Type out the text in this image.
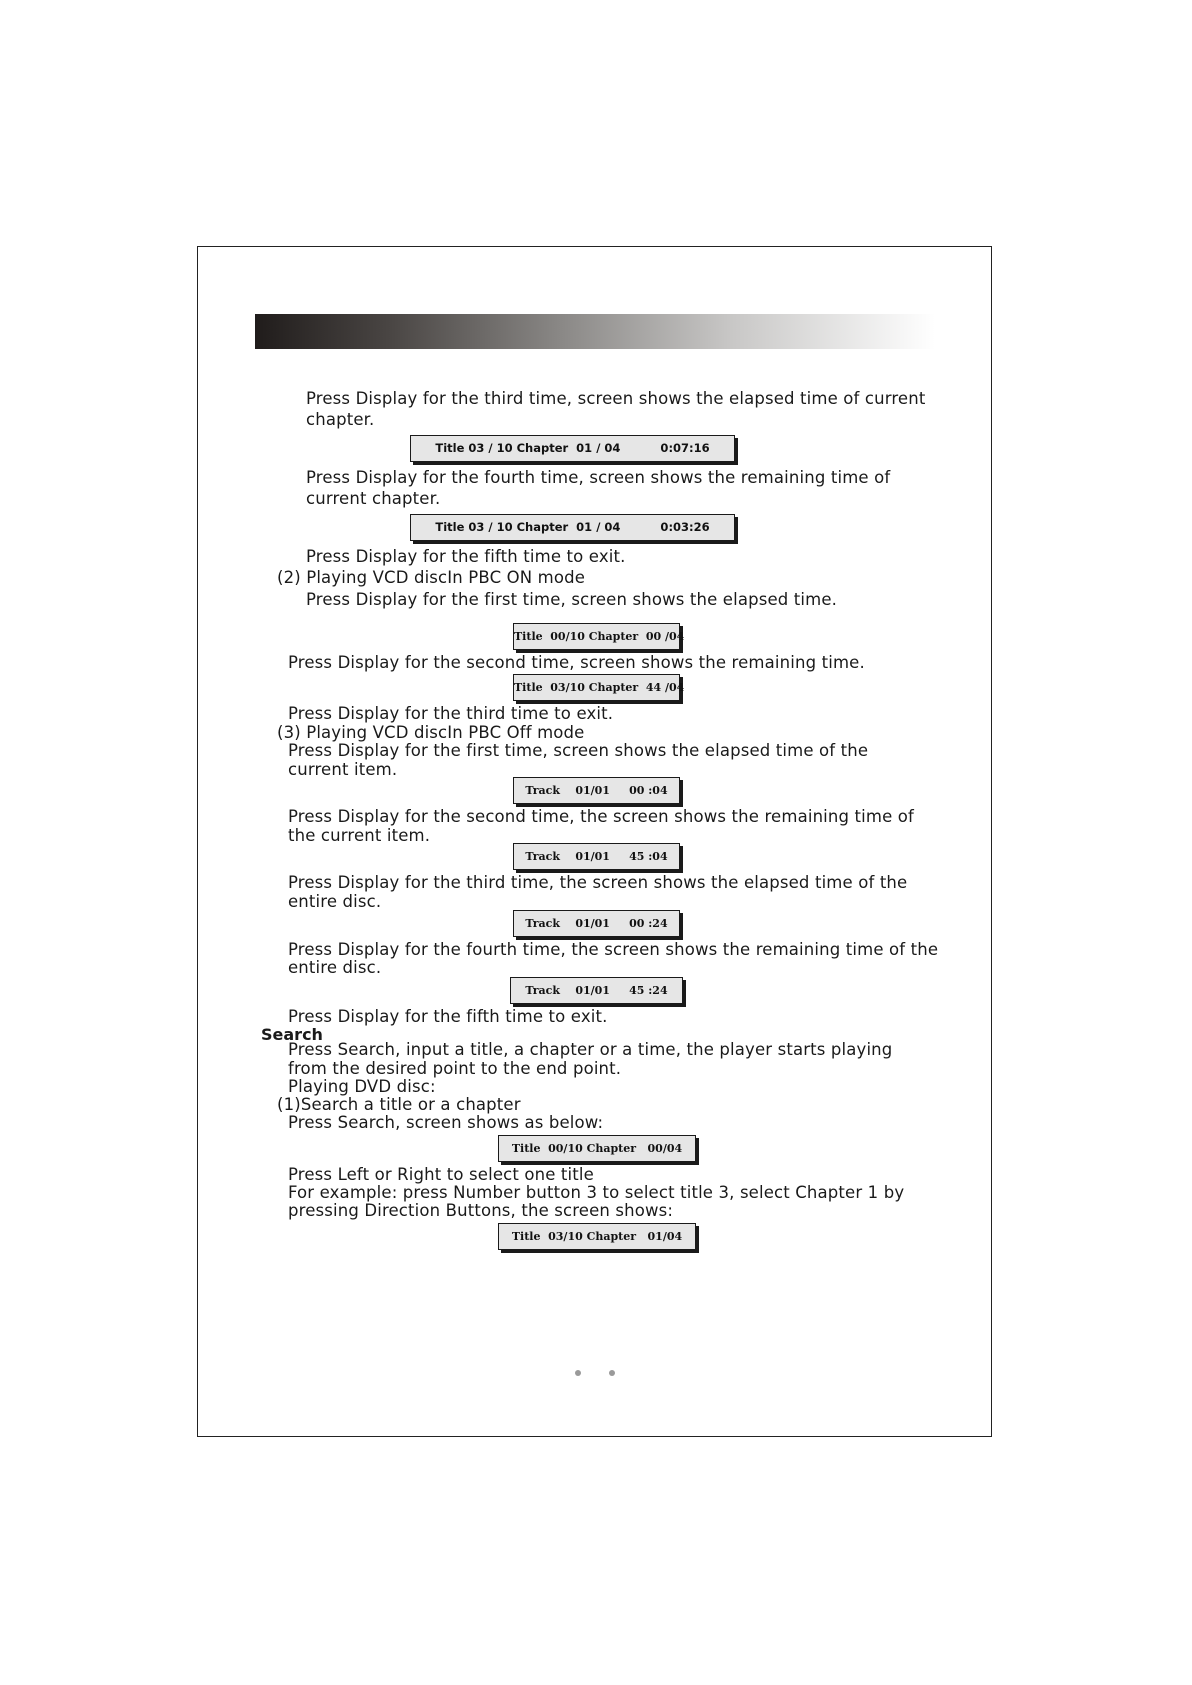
Press Display for the third time, screen shows the elapsed time of current
chapter.
Title 03 / 10 Chapter  01 / 04          0:07:16
Press Display for the fourth time, screen shows the remaining time of
current chapter.
Title 03 / 10 Chapter  01 / 04          0:03:26
Press Display for the fifth time to exit.
(2) Playing VCD discIn PBC ON mode
Press Display for the first time, screen shows the elapsed time.
Title  00/10 Chapter  00 /04
Press Display for the second time, screen shows the remaining time.
Title  03/10 Chapter  44 /04
Press Display for the third time to exit.
(3) Playing VCD discIn PBC Off mode
Press Display for the first time, screen shows the elapsed time of the
current item.
Track    01/01     00 :04
Press Display for the second time, the screen shows the remaining time of
the current item.
Track    01/01     45 :04
Press Display for the third time, the screen shows the elapsed time of the
entire disc.
Track    01/01     00 :24
Press Display for the fourth time, the screen shows the remaining time of the
entire disc.
Track    01/01     45 :24
Press Display for the fifth time to exit.
Search
Press Search, input a title, a chapter or a time, the player starts playing
from the desired point to the end point.
Playing DVD disc:
(1)Search a title or a chapter
Press Search, screen shows as below:
Title  00/10 Chapter   00/04
Press Left or Right to select one title
For example: press Number button 3 to select title 3, select Chapter 1 by
pressing Direction Buttons, the screen shows:
Title  03/10 Chapter   01/04
